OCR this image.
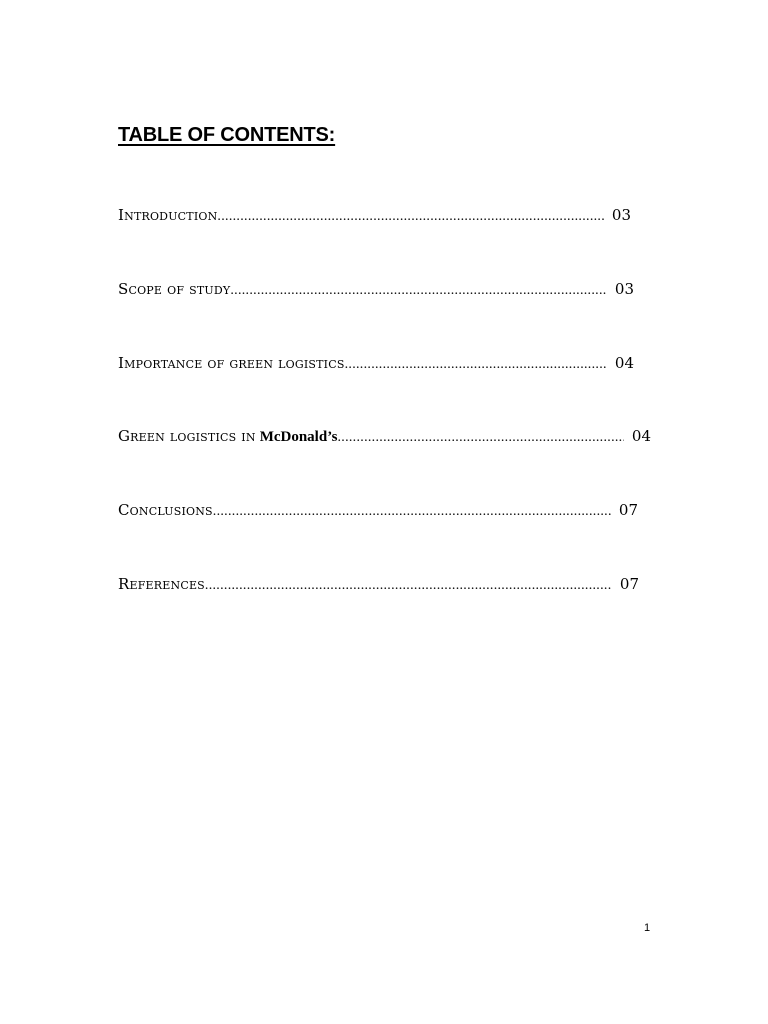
TABLE OF CONTENTS:
Introduction .....	03
Scope of study .....	03
Importance of green logistics .....	04
Green logistics in McDonald’s .....	04
Conclusions .....	07
References .....	07
1
